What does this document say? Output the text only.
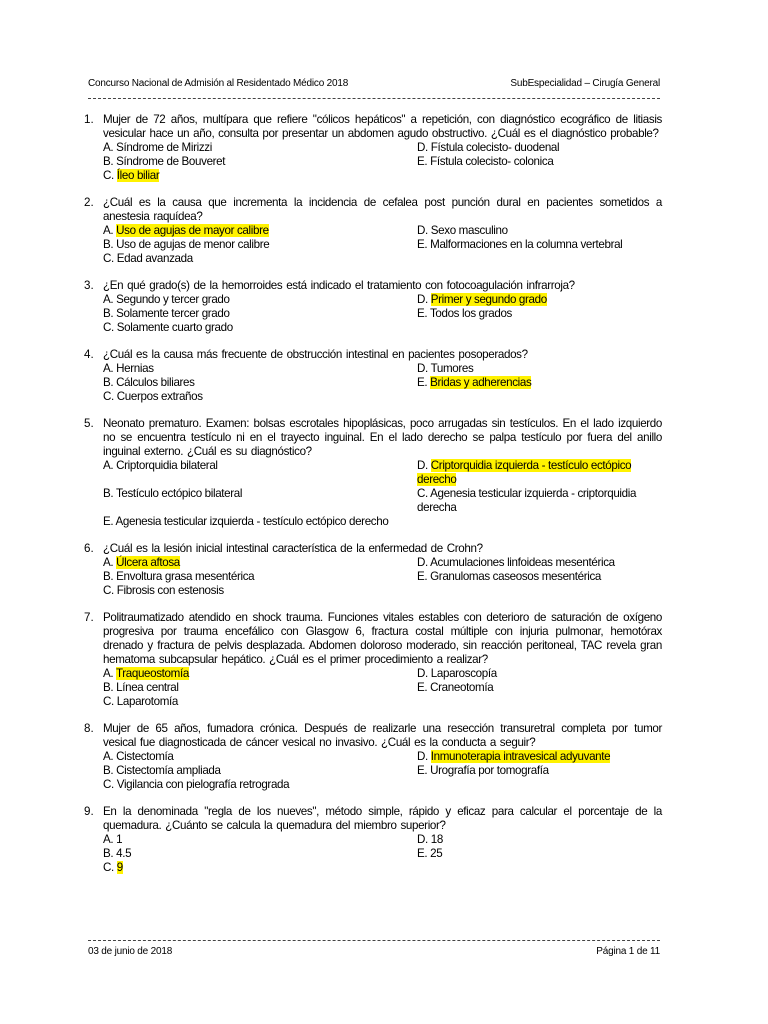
Concurso Nacional de Admisión al Residentado Médico 2018	SubEspecialidad – Cirugía General
1. Mujer de 72 años, multípara que refiere "cólicos hepáticos" a repetición, con diagnóstico ecográfico de litiasis vesicular hace un año, consulta por presentar un abdomen agudo obstructivo. ¿Cuál es el diagnóstico probable?

A. Síndrome de Mirizzi	D. Fístula colecisto- duodenal
B. Síndrome de Bouveret	E. Fístula colecisto- colonica
C. Íleo biliar
2. ¿Cuál es la causa que incrementa la incidencia de cefalea post punción dural en pacientes sometidos a anestesia raquídea?

A. Uso de agujas de mayor calibre	D. Sexo masculino
B. Uso de agujas de menor calibre	E. Malformaciones en la columna vertebral
C. Edad avanzada
3. ¿En qué grado(s) de la hemorroides está indicado el tratamiento con fotocoagulación infrarroja?

A. Segundo y tercer grado	D. Primer y segundo grado
B. Solamente tercer grado	E. Todos los grados
C. Solamente cuarto grado
4. ¿Cuál es la causa más frecuente de obstrucción intestinal en pacientes posoperados?

A. Hernias	D. Tumores
B. Cálculos biliares	E. Bridas y adherencias
C. Cuerpos extraños
5. Neonato prematuro. Examen: bolsas escrotales hipoplásicas, poco arrugadas sin testículos. En el lado izquierdo no se encuentra testículo ni en el trayecto inguinal. En el lado derecho se palpa testículo por fuera del anillo inguinal externo. ¿Cuál es su diagnóstico?

A. Criptorquidia bilateral	D. Criptorquidia izquierda - testículo ectópico derecho
B. Testículo ectópico bilateral	C. Agenesia testicular izquierda - criptorquidia derecha
E. Agenesia testicular izquierda - testículo ectópico derecho
6. ¿Cuál es la lesión inicial intestinal característica de la enfermedad de Crohn?

A. Úlcera aftosa	D. Acumulaciones linfoideas mesentérica
B. Envoltura grasa mesentérica	E. Granulomas caseosos mesentérica
C. Fibrosis con estenosis
7. Politraumatizado atendido en shock trauma. Funciones vitales estables con deterioro de saturación de oxígeno progresiva por trauma encefálico con Glasgow 6, fractura costal múltiple con injuria pulmonar, hemotórax drenado y fractura de pelvis desplazada. Abdomen doloroso moderado, sin reacción peritoneal, TAC revela gran hematoma subcapsular hepático. ¿Cuál es el primer procedimiento a realizar?

A. Traqueostomía	D. Laparoscopía
B. Línea central	E. Craneotomía
C. Laparotomía
8. Mujer de 65 años, fumadora crónica. Después de realizarle una resección transuretral completa por tumor vesical fue diagnosticada de cáncer vesical no invasivo. ¿Cuál es la conducta a seguir?

A. Cistectomía	D. Inmunoterapia intravesical adyuvante
B. Cistectomía ampliada	E. Urografía por tomografía
C. Vigilancia con pielografía retrograda
9. En la denominada "regla de los nueves", método simple, rápido y eficaz para calcular el porcentaje de la quemadura. ¿Cuánto se calcula la quemadura del miembro superior?

A. 1	D. 18
B. 4.5	E. 25
C. 9
03 de junio de 2018	Página 1 de 11
